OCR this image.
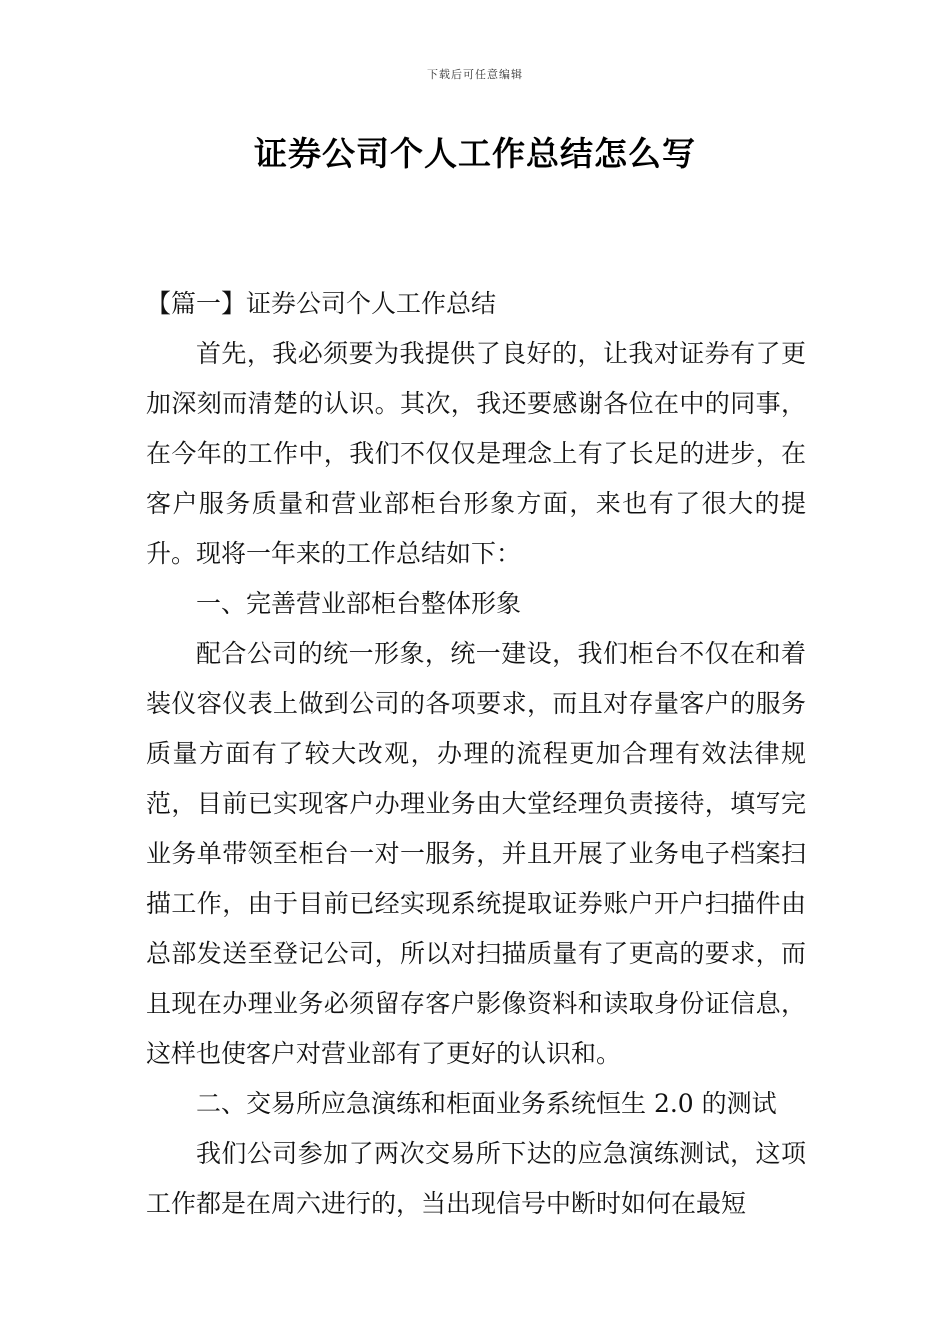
下载后可任意编辑
证券公司个人工作总结怎么写

【篇一】证券公司个人工作总结

首先，我必须要为我提供了良好的，让我对证券有了更加深刻而清楚的认识。其次，我还要感谢各位在中的同事，在今年的工作中，我们不仅仅是理念上有了长足的进步，在客户服务质量和营业部柜台形象方面，来也有了很大的提升。现将一年来的工作总结如下：

一、完善营业部柜台整体形象

配合公司的统一形象，统一建设，我们柜台不仅在和着装仪容仪表上做到公司的各项要求，而且对存量客户的服务质量方面有了较大改观，办理的流程更加合理有效法律规范，目前已实现客户办理业务由大堂经理负责接待，填写完业务单带领至柜台一对一服务，并且开展了业务电子档案扫描工作，由于目前已经实现系统提取证券账户开户扫描件由总部发送至登记公司，所以对扫描质量有了更高的要求，而且现在办理业务必须留存客户影像资料和读取身份证信息，这样也使客户对营业部有了更好的认识和。

二、交易所应急演练和柜面业务系统恒生 2.0 的测试

我们公司参加了两次交易所下达的应急演练测试，这项工作都是在周六进行的，当出现信号中断时如何在最短
